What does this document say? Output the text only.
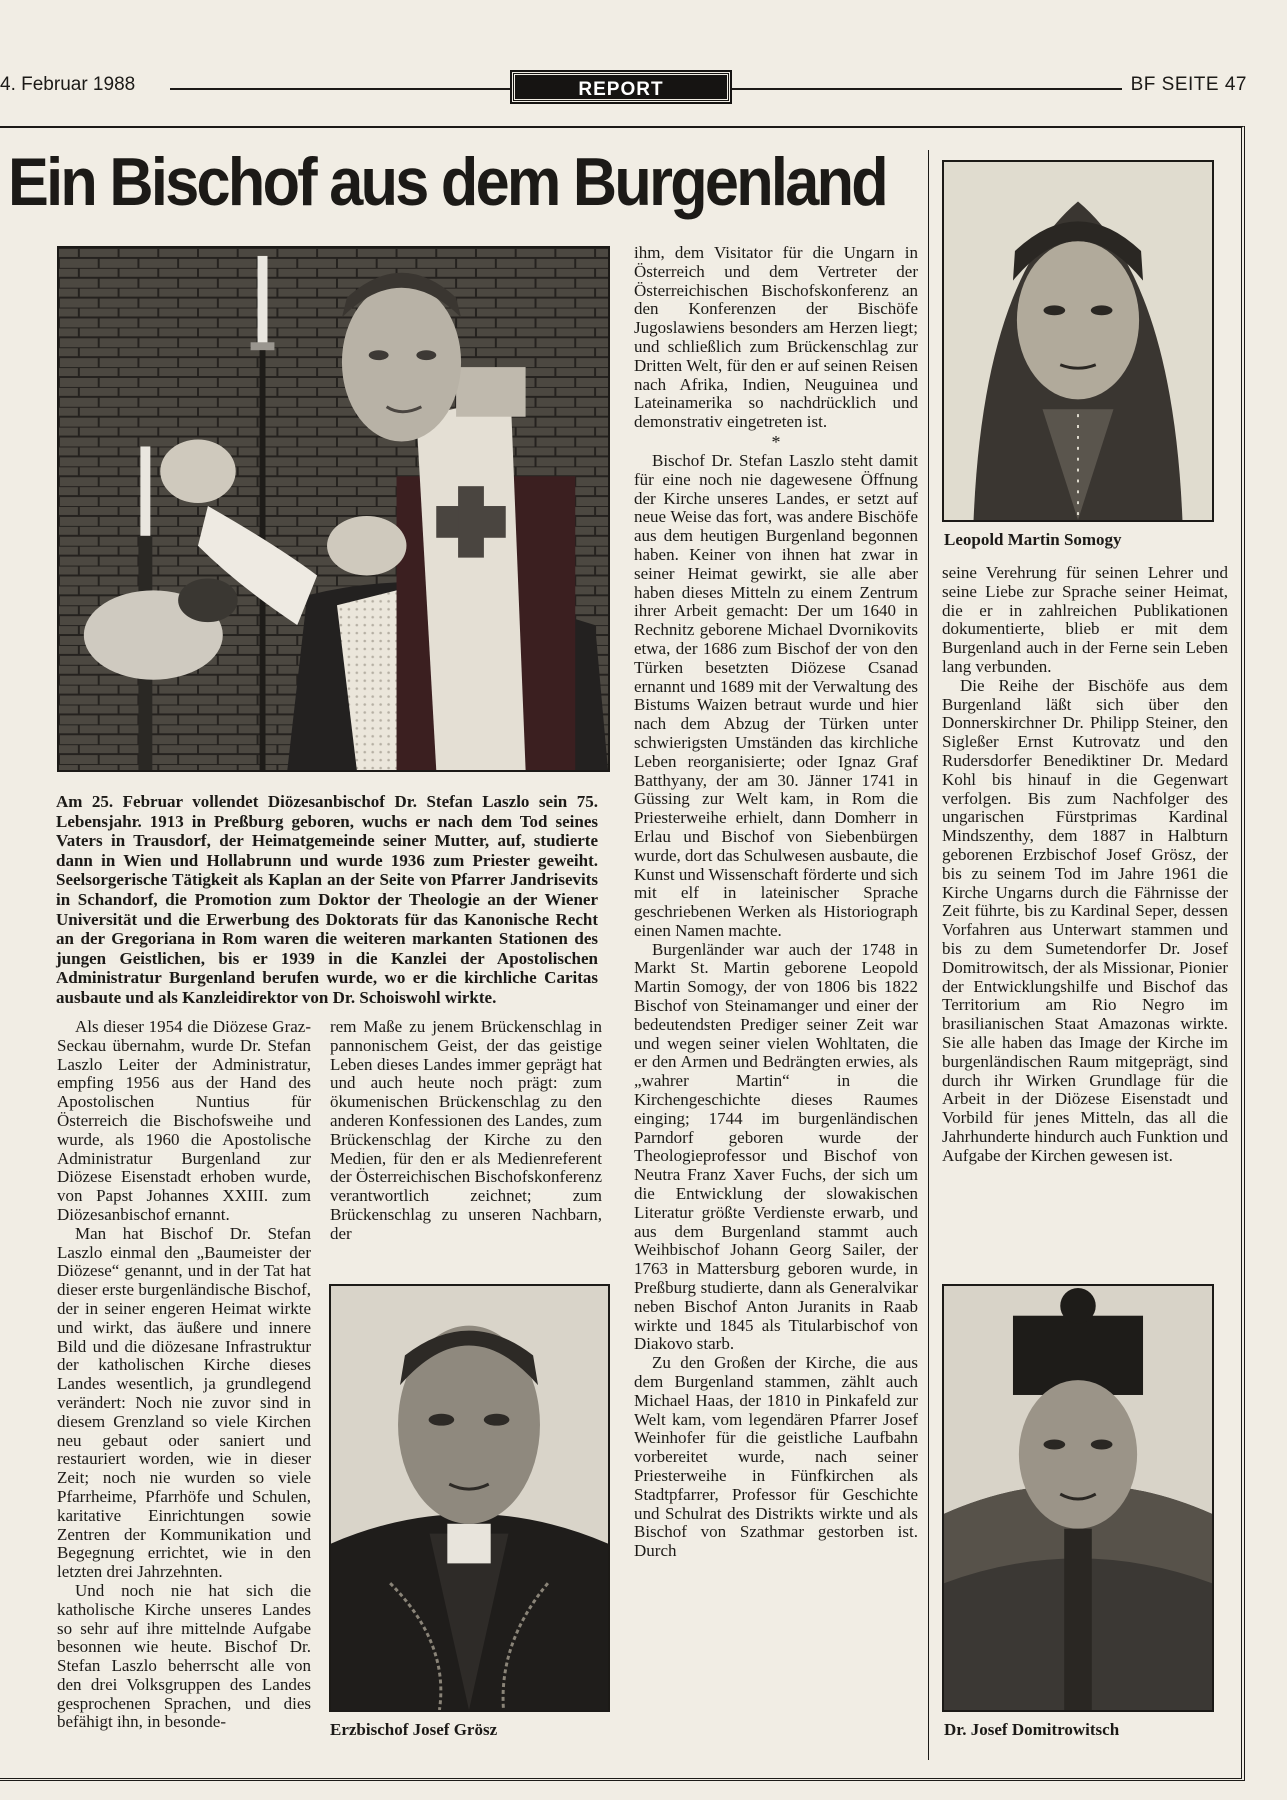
4. Februar 1988	REPORT	BF SEITE 47
Ein Bischof aus dem Burgenland
Am 25. Februar vollendet Diözesanbischof Dr. Stefan Laszlo sein 75. Lebensjahr. 1913 in Preßburg geboren, wuchs er nach dem Tod seines Vaters in Trausdorf, der Heimatgemeinde seiner Mutter, auf, studierte dann in Wien und Hollabrunn und wurde 1936 zum Priester geweiht. Seelsorgerische Tätigkeit als Kaplan an der Seite von Pfarrer Jandrisevits in Schandorf, die Promotion zum Doktor der Theologie an der Wiener Universität und die Erwerbung des Doktorats für das Kanonische Recht an der Gregoriana in Rom waren die weiteren markanten Stationen des jungen Geistlichen, bis er 1939 in die Kanzlei der Apostolischen Administratur Burgenland berufen wurde, wo er die kirchliche Caritas ausbaute und als Kanzleidirektor von Dr. Schoiswohl wirkte.

Als dieser 1954 die Diözese Graz-Seckau übernahm, wurde Dr. Stefan Laszlo Leiter der Administratur, empfing 1956 aus der Hand des Apostolischen Nuntius für Österreich die Bischofsweihe und wurde, als 1960 die Apostolische Administratur Burgenland zur Diözese Eisenstadt erhoben wurde, von Papst Johannes XXIII. zum Diözesanbischof ernannt.

Man hat Bischof Dr. Stefan Laszlo einmal den „Baumeister der Diözese“ genannt, und in der Tat hat dieser erste burgenländische Bischof, der in seiner engeren Heimat wirkte und wirkt, das äußere und innere Bild und die diözesane Infrastruktur der katholischen Kirche dieses Landes wesentlich, ja grundlegend verändert: Noch nie zuvor sind in diesem Grenzland so viele Kirchen neu gebaut oder saniert und restauriert worden, wie in dieser Zeit; noch nie wurden so viele Pfarrheime, Pfarrhöfe und Schulen, karitative Einrichtungen sowie Zentren der Kommunikation und Begegnung errichtet, wie in den letzten drei Jahrzehnten.

Und noch nie hat sich die katholische Kirche unseres Landes so sehr auf ihre mittelnde Aufgabe besonnen wie heute. Bischof Dr. Stefan Laszlo beherrscht alle von den drei Volksgruppen des Landes gesprochenen Sprachen, und dies befähigt ihn, in besonde-

rem Maße zu jenem Brückenschlag in pannonischem Geist, der das geistige Leben dieses Landes immer geprägt hat und auch heute noch prägt: zum ökumenischen Brückenschlag zu den anderen Konfessionen des Landes, zum Brückenschlag der Kirche zu den Medien, für den er als Medienreferent der Österreichischen Bischofskonferenz verantwortlich zeichnet; zum Brückenschlag zu unseren Nachbarn, der

Erzbischof Josef Grösz

ihm, dem Visitator für die Ungarn in Österreich und dem Vertreter der Österreichischen Bischofskonferenz an den Konferenzen der Bischöfe Jugoslawiens besonders am Herzen liegt; und schließlich zum Brückenschlag zur Dritten Welt, für den er auf seinen Reisen nach Afrika, Indien, Neuguinea und Lateinamerika so nachdrücklich und demonstrativ eingetreten ist.

*

Bischof Dr. Stefan Laszlo steht damit für eine noch nie dagewesene Öffnung der Kirche unseres Landes, er setzt auf neue Weise das fort, was andere Bischöfe aus dem heutigen Burgenland begonnen haben. Keiner von ihnen hat zwar in seiner Heimat gewirkt, sie alle aber haben dieses Mitteln zu einem Zentrum ihrer Arbeit gemacht: Der um 1640 in Rechnitz geborene Michael Dvornikovits etwa, der 1686 zum Bischof der von den Türken besetzten Diözese Csanad ernannt und 1689 mit der Verwaltung des Bistums Waizen betraut wurde und hier nach dem Abzug der Türken unter schwierigsten Umständen das kirchliche Leben reorganisierte; oder Ignaz Graf Batthyany, der am 30. Jänner 1741 in Güssing zur Welt kam, in Rom die Priesterweihe erhielt, dann Domherr in Erlau und Bischof von Siebenbürgen wurde, dort das Schulwesen ausbaute, die Kunst und Wissenschaft förderte und sich mit elf in lateinischer Sprache geschriebenen Werken als Historiograph einen Namen machte.

Burgenländer war auch der 1748 in Markt St. Martin geborene Leopold Martin Somogy, der von 1806 bis 1822 Bischof von Steinamanger und einer der bedeutendsten Prediger seiner Zeit war und wegen seiner vielen Wohltaten, die er den Armen und Bedrängten erwies, als „wahrer Martin“ in die Kirchengeschichte dieses Raumes einging; 1744 im burgenländischen Parndorf geboren wurde der Theologieprofessor und Bischof von Neutra Franz Xaver Fuchs, der sich um die Entwicklung der slowakischen Literatur größte Verdienste erwarb, und aus dem Burgenland stammt auch Weihbischof Johann Georg Sailer, der 1763 in Mattersburg geboren wurde, in Preßburg studierte, dann als Generalvikar neben Bischof Anton Juranits in Raab wirkte und 1845 als Titularbischof von Diakovo starb.

Zu den Großen der Kirche, die aus dem Burgenland stammen, zählt auch Michael Haas, der 1810 in Pinkafeld zur Welt kam, vom legendären Pfarrer Josef Weinhofer für die geistliche Laufbahn vorbereitet wurde, nach seiner Priesterweihe in Fünfkirchen als Stadtpfarrer, Professor für Geschichte und Schulrat des Distrikts wirkte und als Bischof von Szathmar gestorben ist. Durch

Leopold Martin Somogy

seine Verehrung für seinen Lehrer und seine Liebe zur Sprache seiner Heimat, die er in zahlreichen Publikationen dokumentierte, blieb er mit dem Burgenland auch in der Ferne sein Leben lang verbunden.

Die Reihe der Bischöfe aus dem Burgenland läßt sich über den Donnerskirchner Dr. Philipp Steiner, den Sigleßer Ernst Kutrovatz und den Rudersdorfer Benediktiner Dr. Medard Kohl bis hinauf in die Gegenwart verfolgen. Bis zum Nachfolger des ungarischen Fürstprimas Kardinal Mindszenthy, dem 1887 in Halbturn geborenen Erzbischof Josef Grösz, der bis zu seinem Tod im Jahre 1961 die Kirche Ungarns durch die Fährnisse der Zeit führte, bis zu Kardinal Seper, dessen Vorfahren aus Unterwart stammen und bis zu dem Sumetendorfer Dr. Josef Domitrowitsch, der als Missionar, Pionier der Entwicklungshilfe und Bischof das Territorium am Rio Negro im brasilianischen Staat Amazonas wirkte. Sie alle haben das Image der Kirche im burgenländischen Raum mitgeprägt, sind durch ihr Wirken Grundlage für die Arbeit in der Diözese Eisenstadt und Vorbild für jenes Mitteln, das all die Jahrhunderte hindurch auch Funktion und Aufgabe der Kirchen gewesen ist.

Dr. Josef Domitrowitsch
